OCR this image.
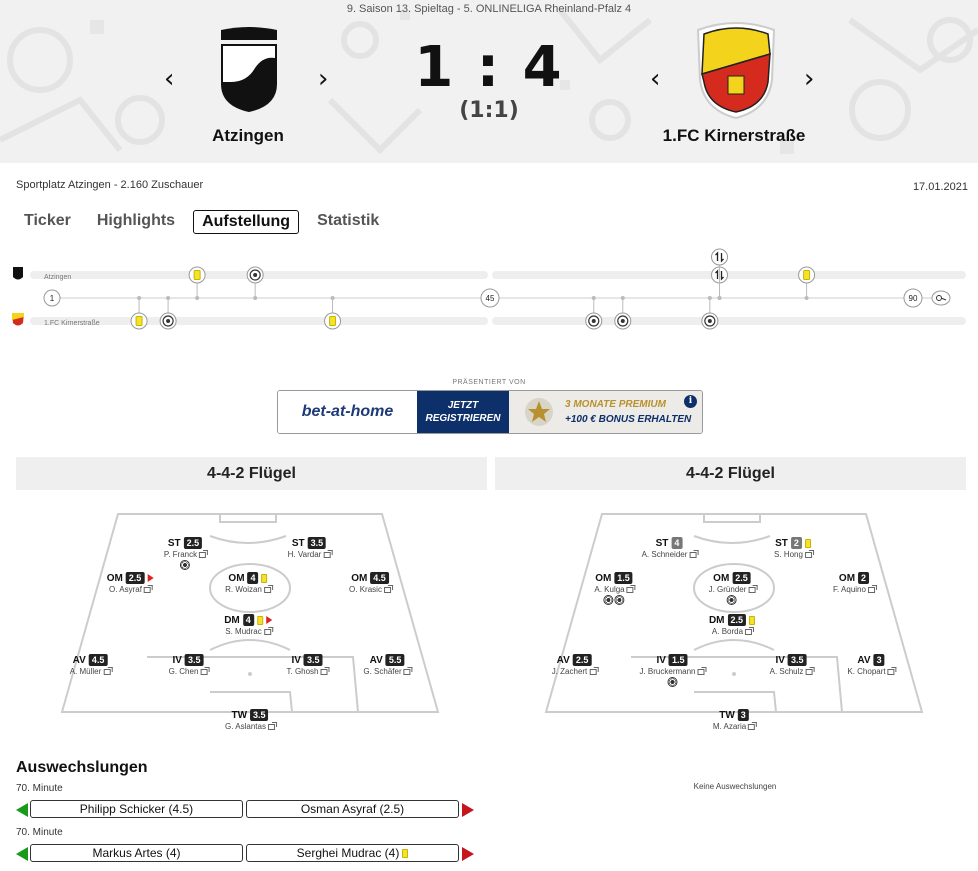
9. Saison 13. Spieltag - 5. ONLINELIGA Rheinland-Pfalz 4
‹	›	‹	›
Atzingen
1 : 4
(1:1)
1.FC Kirnerstraße
Sportplatz Atzingen - 2.160 Zuschauer	17.01.2021
Ticker	Highlights	Aufstellung	Statistik
Atzingen
1.FC Kirnerstraße
1	45	90
PRÄSENTIERT VON
bet-at-home	JETZT
REGISTRIEREN
3 MONATE PREMIUM
+100 € BONUS ERHALTEN
i
4-4-2 Flügel	4-4-2 Flügel
ST 2.5
P. Franck
ST 3.5
H. Vardar
OM 2.5
O. Asyraf
OM 4
R. Woizan
OM 4.5
O. Krasic
DM 4
S. Mudrac
AV 4.5
A. Müller
IV 3.5
G. Chen
IV 3.5
T. Ghosh
AV 5.5
G. Schäfer
TW 3.5
G. Aslantas
ST 4
A. Schneider
ST 2
S. Hong
OM 1.5
A. Kulga
OM 2.5
J. Gründer
OM 2
F. Aquino
DM 2.5
A. Borda
AV 2.5
J. Zachert
IV 1.5
J. Bruckermann
IV 3.5
A. Schulz
AV 3
K. Chopart
TW 3
M. Azaria
Auswechslungen
70. Minute
Philipp Schicker (4.5)	Osman Asyraf (2.5)
70. Minute
Markus Artes (4)	Serghei Mudrac (4)
Keine Auswechslungen
